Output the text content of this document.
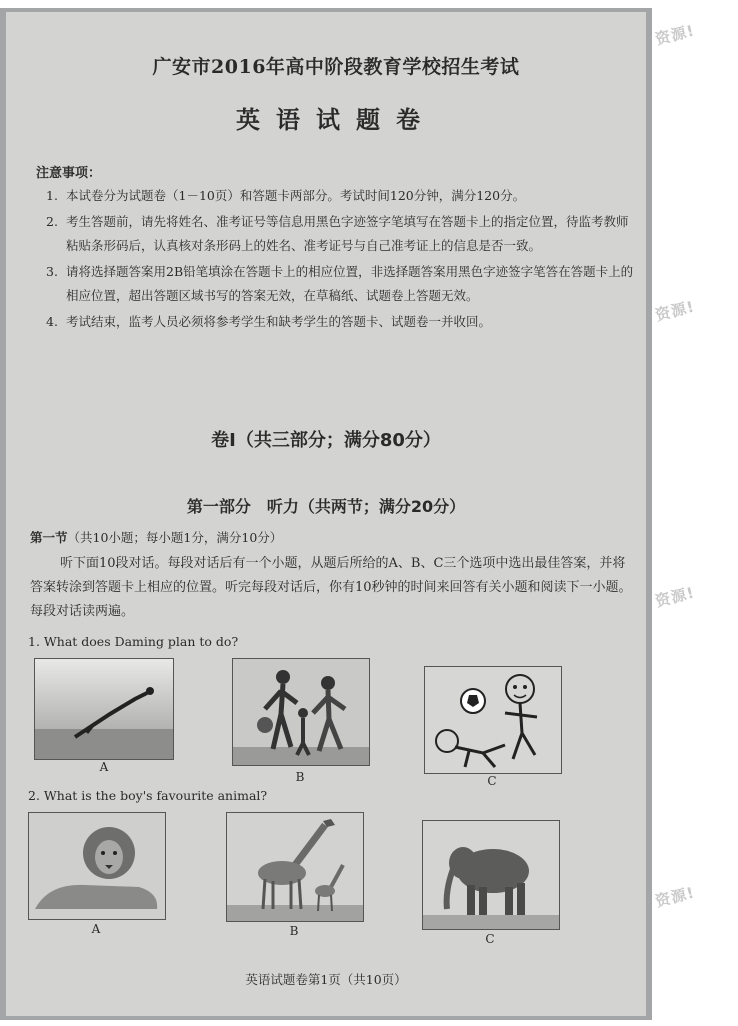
广安市2016年高中阶段教育学校招生考试
英语试题卷
注意事项：
1. 本试卷分为试题卷（1－10页）和答题卡两部分。考试时间120分钟，满分120分。
2. 考生答题前，请先将姓名、准考证号等信息用黑色字迹签字笔填写在答题卡上的指定位置，待监考教师粘贴条形码后，认真核对条形码上的姓名、准考证号与自己准考证上的信息是否一致。
3. 请将选择题答案用2B铅笔填涂在答题卡上的相应位置，非选择题答案用黑色字迹签字笔答在答题卡上的相应位置，超出答题区域书写的答案无效，在草稿纸、试题卷上答题无效。
4. 考试结束，监考人员必须将参考学生和缺考学生的答题卡、试题卷一并收回。
卷Ⅰ（共三部分；满分80分）
第一部分　听力（共两节；满分20分）
第一节（共10小题；每小题1分，满分10分）
听下面10段对话。每段对话后有一个小题，从题后所给的A、B、C三个选项中选出最佳答案，并将答案转涂到答题卡上相应的位置。听完每段对话后，你有10秒钟的时间来回答有关小题和阅读下一小题。每段对话读两遍。
1. What does Daming plan to do?
A
B	C
2. What is the boy's favourite animal?
A	B
C
英语试题卷第1页（共10页）
资源!
资源!
资源!
资源!
